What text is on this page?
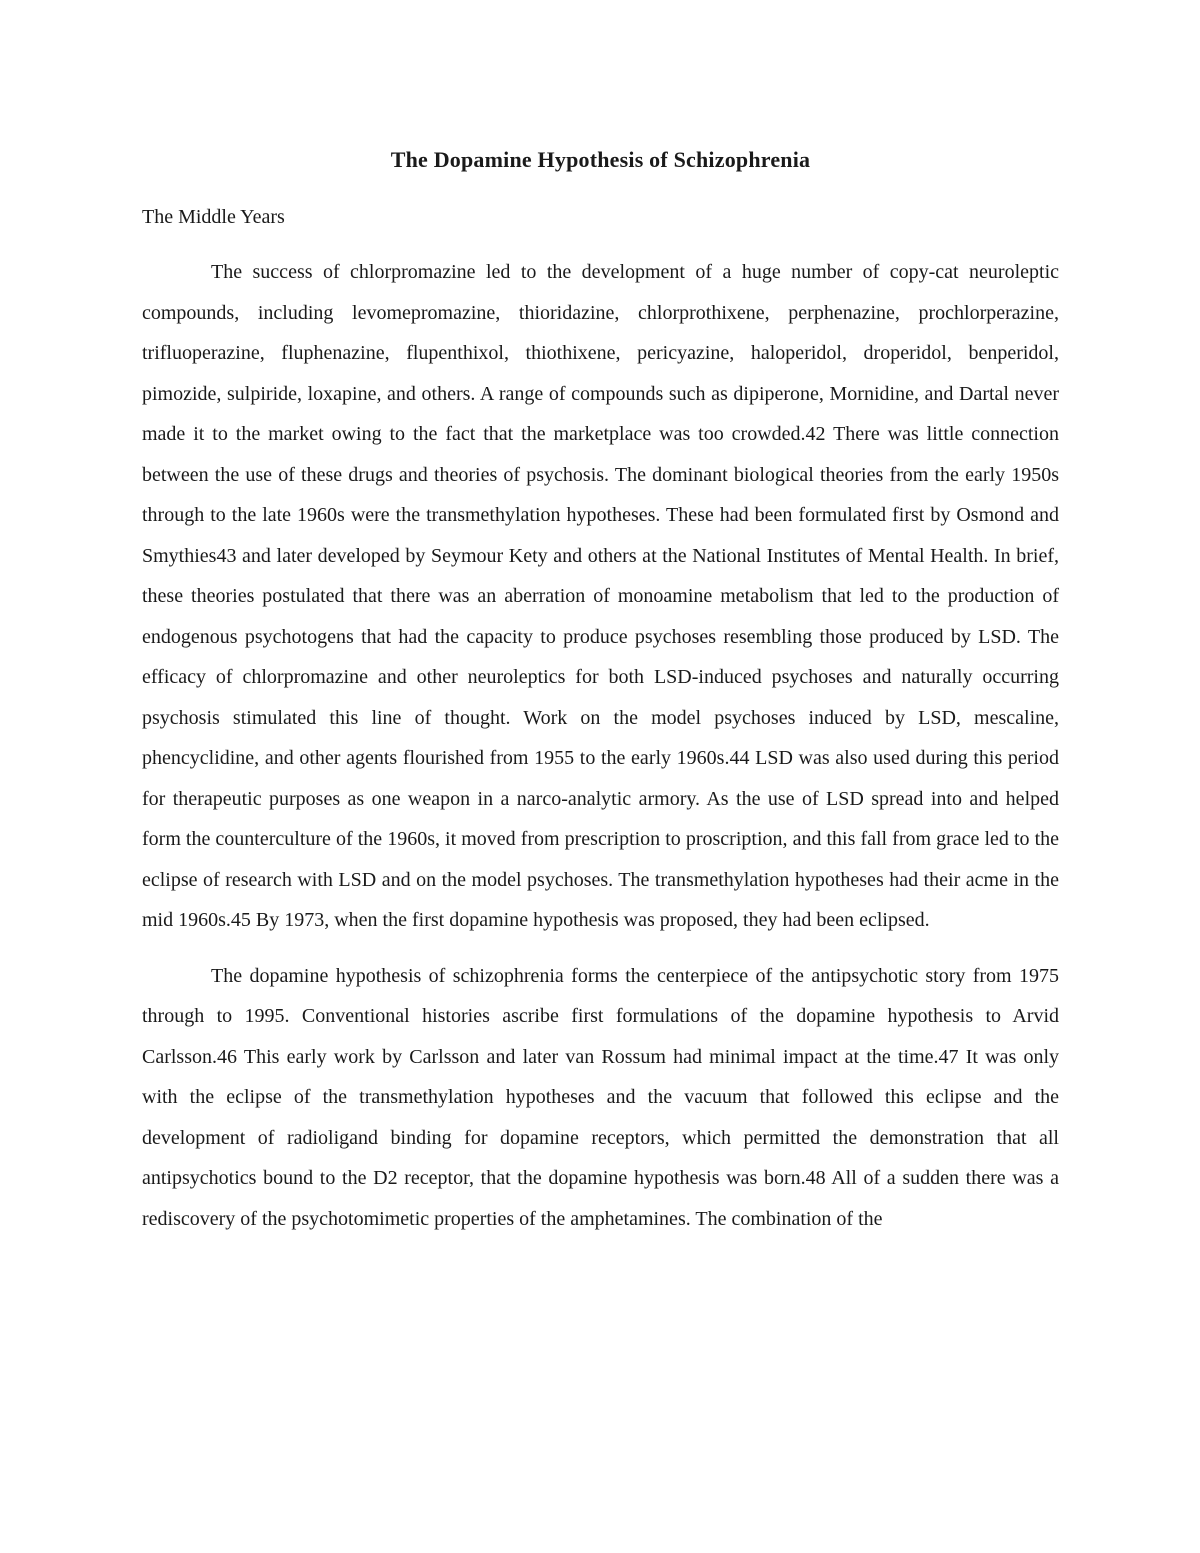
The Dopamine Hypothesis of Schizophrenia

The Middle Years

The success of chlorpromazine led to the development of a huge number of copy-cat neuroleptic compounds, including levomepromazine, thioridazine, chlorprothixene, perphenazine, prochlorperazine, trifluoperazine, fluphenazine, flupenthixol, thiothixene, pericyazine, haloperidol, droperidol, benperidol, pimozide, sulpiride, loxapine, and others. A range of compounds such as dipiperone, Mornidine, and Dartal never made it to the market owing to the fact that the marketplace was too crowded.42 There was little connection between the use of these drugs and theories of psychosis. The dominant biological theories from the early 1950s through to the late 1960s were the transmethylation hypotheses. These had been formulated first by Osmond and Smythies43 and later developed by Seymour Kety and others at the National Institutes of Mental Health. In brief, these theories postulated that there was an aberration of monoamine metabolism that led to the production of endogenous psychotogens that had the capacity to produce psychoses resembling those produced by LSD. The efficacy of chlorpromazine and other neuroleptics for both LSD-induced psychoses and naturally occurring psychosis stimulated this line of thought. Work on the model psychoses induced by LSD, mescaline, phencyclidine, and other agents flourished from 1955 to the early 1960s.44 LSD was also used during this period for therapeutic purposes as one weapon in a narco-analytic armory. As the use of LSD spread into and helped form the counterculture of the 1960s, it moved from prescription to proscription, and this fall from grace led to the eclipse of research with LSD and on the model psychoses. The transmethylation hypotheses had their acme in the mid 1960s.45 By 1973, when the first dopamine hypothesis was proposed, they had been eclipsed.

The dopamine hypothesis of schizophrenia forms the centerpiece of the antipsychotic story from 1975 through to 1995. Conventional histories ascribe first formulations of the dopamine hypothesis to Arvid Carlsson.46 This early work by Carlsson and later van Rossum had minimal impact at the time.47 It was only with the eclipse of the transmethylation hypotheses and the vacuum that followed this eclipse and the development of radioligand binding for dopamine receptors, which permitted the demonstration that all antipsychotics bound to the D2 receptor, that the dopamine hypothesis was born.48 All of a sudden there was a rediscovery of the psychotomimetic properties of the amphetamines. The combination of the
